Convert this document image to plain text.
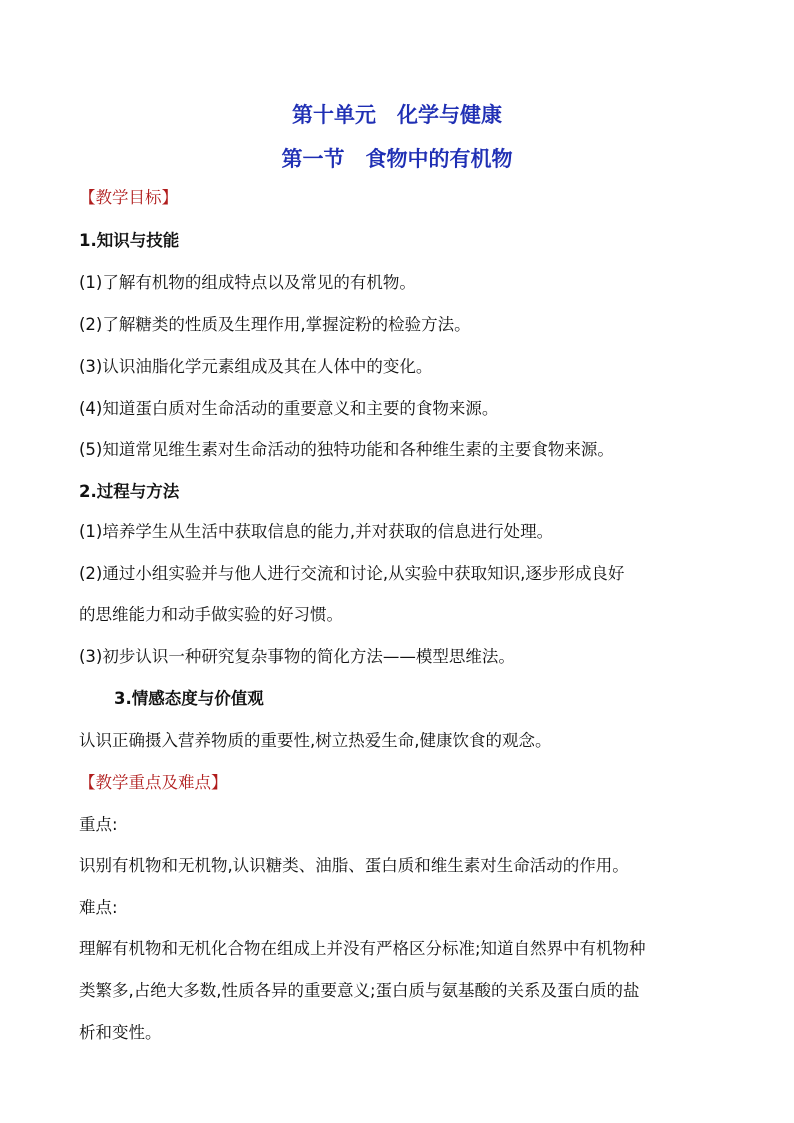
第十单元　化学与健康
第一节　食物中的有机物
【教学目标】
1.知识与技能
(1)了解有机物的组成特点以及常见的有机物。
(2)了解糖类的性质及生理作用,掌握淀粉的检验方法。
(3)认识油脂化学元素组成及其在人体中的变化。
(4)知道蛋白质对生命活动的重要意义和主要的食物来源。
(5)知道常见维生素对生命活动的独特功能和各种维生素的主要食物来源。
2.过程与方法
(1)培养学生从生活中获取信息的能力,并对获取的信息进行处理。
(2)通过小组实验并与他人进行交流和讨论,从实验中获取知识,逐步形成良好
的思维能力和动手做实验的好习惯。
(3)初步认识一种研究复杂事物的简化方法——模型思维法。
3.情感态度与价值观
认识正确摄入营养物质的重要性,树立热爱生命,健康饮食的观念。
【教学重点及难点】
重点:
识别有机物和无机物,认识糖类、油脂、蛋白质和维生素对生命活动的作用。
难点:
理解有机物和无机化合物在组成上并没有严格区分标准;知道自然界中有机物种
类繁多,占绝大多数,性质各异的重要意义;蛋白质与氨基酸的关系及蛋白质的盐
析和变性。
